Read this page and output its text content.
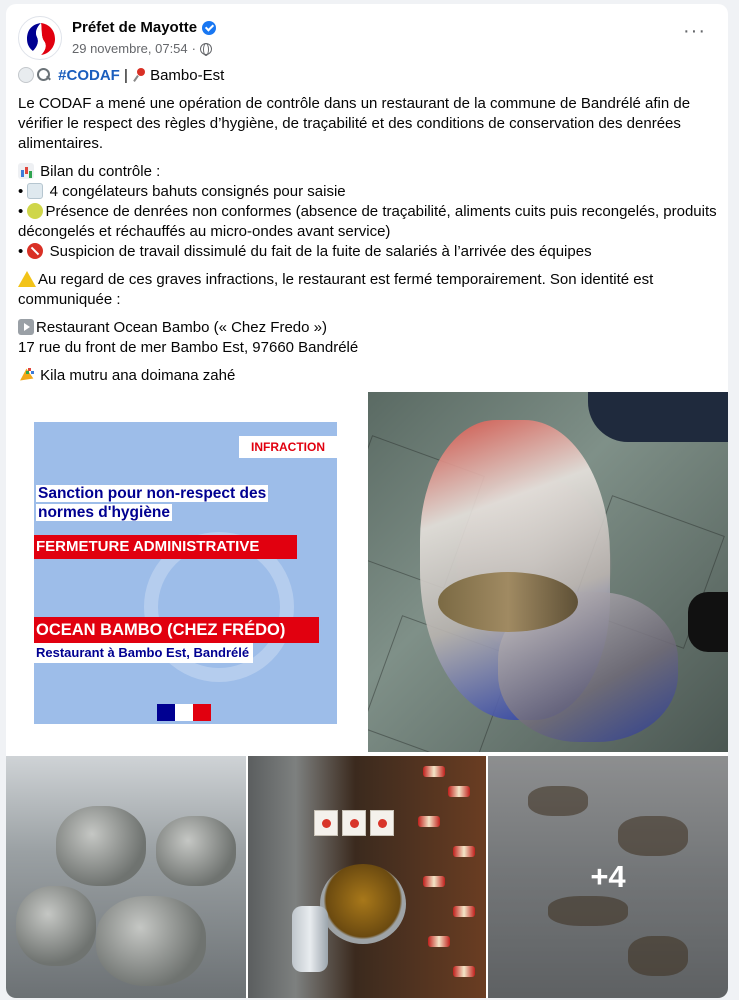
Préfet de Mayotte
29 novembre, 07:54 ·
···

#CODAF | Bambo-Est

Le CODAF a mené une opération de contrôle dans un restaurant de la commune de Bandrélé afin de vérifier le respect des règles d’hygiène, de traçabilité et des conditions de conservation des denrées alimentaires.

Bilan du contrôle :
•  4 congélateurs bahuts consignés pour saisie
• Présence de denrées non conformes (absence de traçabilité, aliments cuits puis recongelés, produits décongelés et réchauffés au micro-ondes avant service)
•  Suspicion de travail dissimulé du fait de la fuite de salariés à l’arrivée des équipes

Au regard de ces graves infractions, le restaurant est fermé temporairement. Son identité est communiquée :

Restaurant Ocean Bambo (« Chez Fredo »)
17 rue du front de mer Bambo Est, 97660 Bandrélé

Kila mutru ana doimana zahé

INFRACTION
Sanction pour non-respect des
normes d'hygiène
FERMETURE ADMINISTRATIVE
OCEAN BAMBO (CHEZ FRÉDO)
Restaurant à Bambo Est, Bandrélé
+4
